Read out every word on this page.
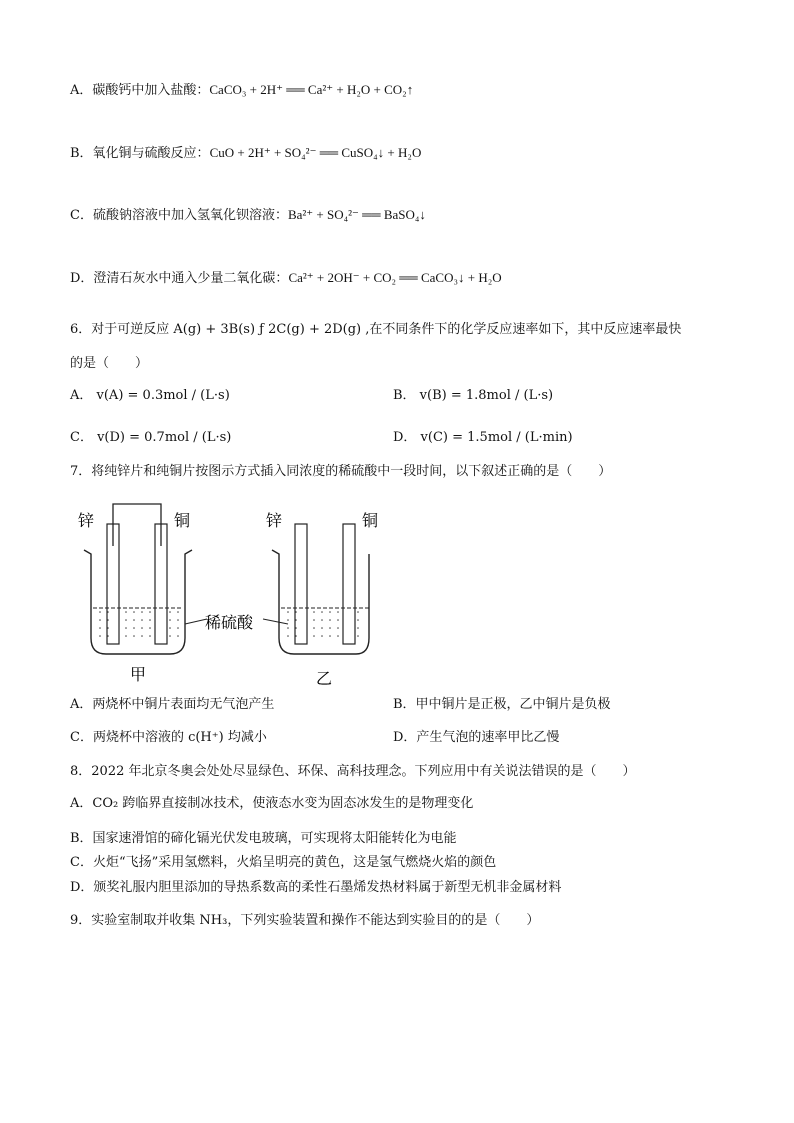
A．碳酸钙中加入盐酸：CaCO₃ + 2H⁺ ══ Ca²⁺ + H₂O + CO₂↑
B．氧化铜与硫酸反应：CuO + 2H⁺ + SO₄²⁻ ══ CuSO₄↓ + H₂O
C．硫酸钠溶液中加入氢氧化钡溶液：Ba²⁺ + SO₄²⁻ ══ BaSO₄↓
D．澄清石灰水中通入少量二氧化碳：Ca²⁺ + 2OH⁻ + CO₂ ══ CaCO₃↓ + H₂O
6．对于可逆反应 A(g) + 3B(s) ƒ 2C(g) + 2D(g) ,在不同条件下的化学反应速率如下，其中反应速率最快
的是（　　）
A． v(A) = 0.3mol / (L·s)	B． v(B) = 1.8mol / (L·s)
C． v(D) = 0.7mol / (L·s)	D． v(C) = 1.5mol / (L·min)
7．将纯锌片和纯铜片按图示方式插入同浓度的稀硫酸中一段时间，以下叙述正确的是（　　）
锌	铜	锌	铜
稀硫酸
甲	乙
A．两烧杯中铜片表面均无气泡产生	B．甲中铜片是正极，乙中铜片是负极
C．两烧杯中溶液的 c(H⁺) 均减小	D．产生气泡的速率甲比乙慢
8．2022 年北京冬奥会处处尽显绿色、环保、高科技理念。下列应用中有关说法错误的是（　　）
A．CO₂ 跨临界直接制冰技术，使液态水变为固态冰发生的是物理变化
B．国家速滑馆的碲化镉光伏发电玻璃，可实现将太阳能转化为电能
C．火炬“飞扬”采用氢燃料，火焰呈明亮的黄色，这是氢气燃烧火焰的颜色
D．颁奖礼服内胆里添加的导热系数高的柔性石墨烯发热材料属于新型无机非金属材料
9．实验室制取并收集 NH₃，下列实验装置和操作不能达到实验目的的是（　　）
